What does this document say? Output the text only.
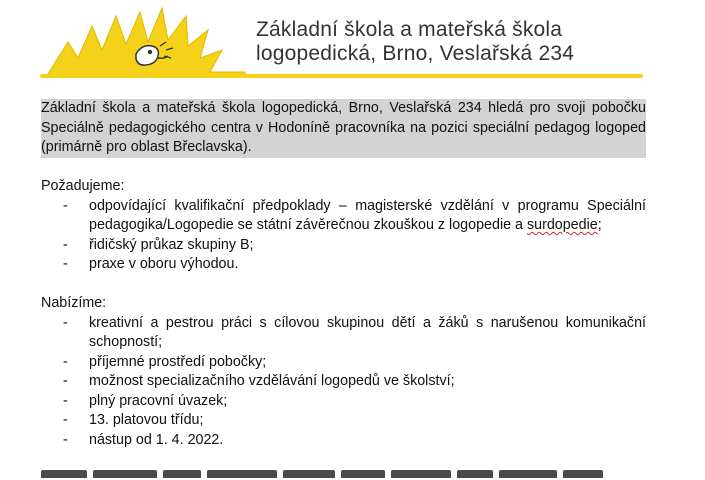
Základní škola a mateřská škola
logopedická, Brno, Veslařská 234

Základní škola a mateřská škola logopedická, Brno, Veslařská 234 hledá pro svoji pobočku Speciálně pedagogického centra v Hodoníně pracovníka na pozici speciální pedagog logoped (primárně pro oblast Břeclavska).

Požadujeme:

- odpovídající kvalifikační předpoklady – magisterské vzdělání v programu Speciální pedagogika/Logopedie se státní závěrečnou zkouškou z logopedie a surdopedie;
- řidičský průkaz skupiny B;
- praxe v oboru výhodou.

Nabízíme:

- kreativní a pestrou práci s cílovou skupinou dětí a žáků s narušenou komunikační schopností;
- příjemné prostředí pobočky;
- možnost specializačního vzdělávání logopedů ve školství;
- plný pracovní úvazek;
- 13. platovou třídu;
- nástup od 1. 4. 2022.
